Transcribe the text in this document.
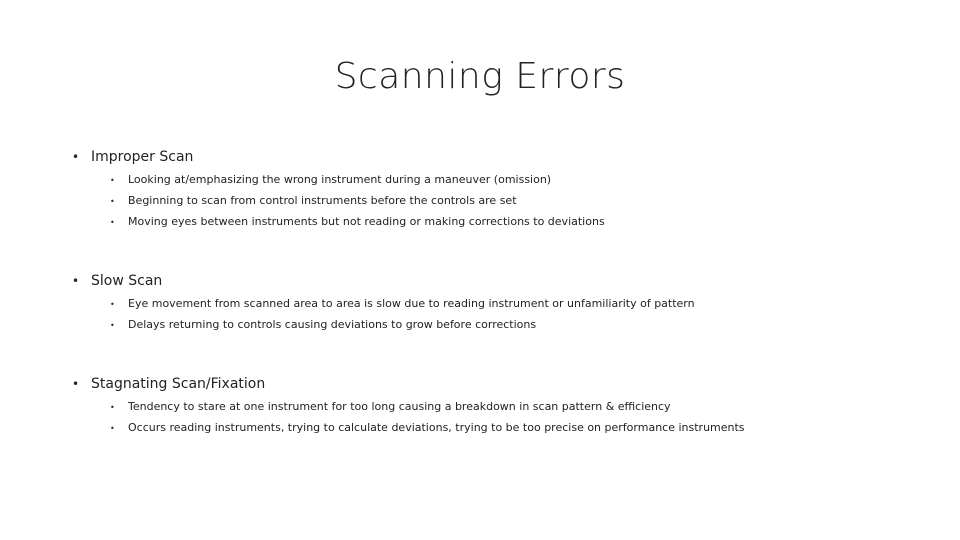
Scanning Errors
• Improper Scan
•	Looking at/emphasizing the wrong instrument during a maneuver (omission)
•	Beginning to scan from control instruments before the controls are set
•	Moving eyes between instruments but not reading or making corrections to deviations
• Slow Scan
•	Eye movement from scanned area to area is slow due to reading instrument or unfamiliarity of pattern
•	Delays returning to controls causing deviations to grow before corrections
• Stagnating Scan/Fixation
•	Tendency to stare at one instrument for too long causing a breakdown in scan pattern & efficiency
•	Occurs reading instruments, trying to calculate deviations, trying to be too precise on performance instruments
